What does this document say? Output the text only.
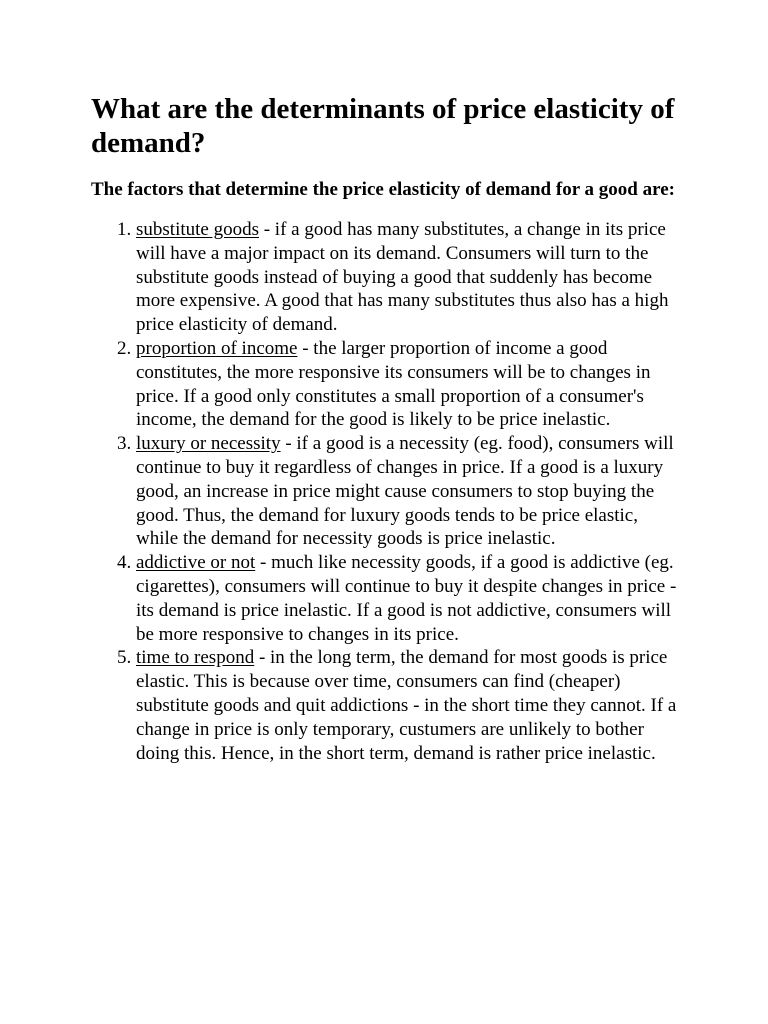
What are the determinants of price elasticity of demand?
The factors that determine the price elasticity of demand for a good are:
1. substitute goods - if a good has many substitutes, a change in its price will have a major impact on its demand. Consumers will turn to the substitute goods instead of buying a good that suddenly has become more expensive. A good that has many substitutes thus also has a high price elasticity of demand.
2. proportion of income - the larger proportion of income a good constitutes, the more responsive its consumers will be to changes in price. If a good only constitutes a small proportion of a consumer's income, the demand for the good is likely to be price inelastic.
3. luxury or necessity - if a good is a necessity (eg. food), consumers will continue to buy it regardless of changes in price. If a good is a luxury good, an increase in price might cause consumers to stop buying the good. Thus, the demand for luxury goods tends to be price elastic, while the demand for necessity goods is price inelastic.
4. addictive or not - much like necessity goods, if a good is addictive (eg. cigarettes), consumers will continue to buy it despite changes in price - its demand is price inelastic. If a good is not addictive, consumers will be more responsive to changes in its price.
5. time to respond - in the long term, the demand for most goods is price elastic. This is because over time, consumers can find (cheaper) substitute goods and quit addictions - in the short time they cannot. If a change in price is only temporary, custumers are unlikely to bother doing this. Hence, in the short term, demand is rather price inelastic.
